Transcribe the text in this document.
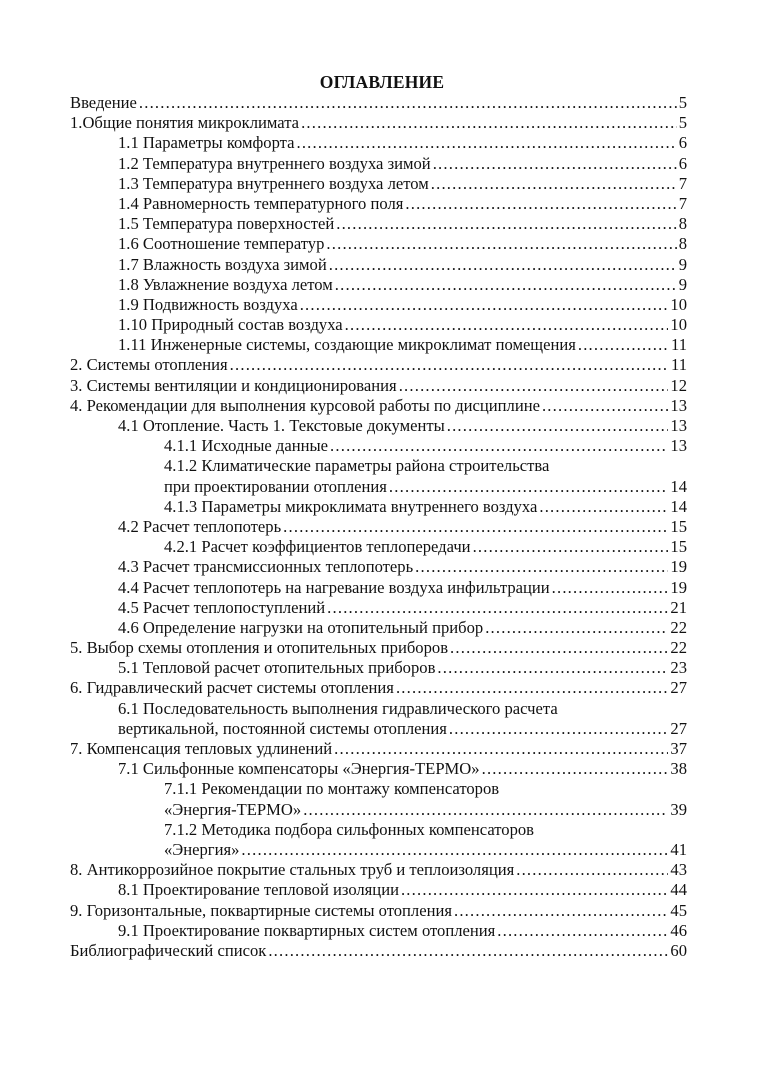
ОГЛАВЛЕНИЕ
Введение .....	5
1.Общие понятия микроклимата .....	5
1.1 Параметры комфорта .....	6
1.2 Температура внутреннего воздуха зимой .....	6
1.3 Температура внутреннего воздуха летом .....	7
1.4 Равномерность температурного поля .....	7
1.5 Температура поверхностей .....	8
1.6 Соотношение температур .....	8
1.7 Влажность воздуха зимой .....	9
1.8 Увлажнение воздуха летом .....	9
1.9 Подвижность воздуха .....	10
1.10 Природный состав воздуха .....	10
1.11 Инженерные системы, создающие микроклимат помещения .....	11
2. Системы отопления .....	11
3. Системы вентиляции и кондиционирования .....	12
4. Рекомендации для выполнения курсовой работы по дисциплине .....	13
4.1 Отопление. Часть 1. Текстовые документы .....	13
4.1.1 Исходные данные .....	13
4.1.2 Климатические параметры района строительства
при проектировании отопления .....	14
4.1.3 Параметры микроклимата внутреннего воздуха .....	14
4.2 Расчет теплопотерь .....	15
4.2.1 Расчет коэффициентов теплопередачи .....	15
4.3 Расчет трансмиссионных теплопотерь .....	19
4.4 Расчет теплопотерь на нагревание воздуха инфильтрации .....	19
4.5 Расчет теплопоступлений .....	21
4.6 Определение нагрузки на отопительный прибор .....	22
5. Выбор схемы отопления и отопительных приборов .....	22
5.1 Тепловой расчет отопительных приборов .....	23
6. Гидравлический расчет системы отопления .....	27
6.1 Последовательность выполнения гидравлического расчета
вертикальной, постоянной системы отопления .....	27
7. Компенсация тепловых удлинений .....	37
7.1 Сильфонные компенсаторы «Энергия-ТЕРМО» .....	38
7.1.1 Рекомендации по монтажу компенсаторов
«Энергия-ТЕРМО» .....	39
7.1.2 Методика подбора сильфонных компенсаторов
«Энергия» .....	41
8. Антикоррозийное покрытие стальных труб и теплоизоляция .....	43
8.1 Проектирование тепловой изоляции .....	44
9. Горизонтальные, поквартирные системы отопления .....	45
9.1 Проектирование поквартирных систем отопления .....	46
Библиографический список .....	60
